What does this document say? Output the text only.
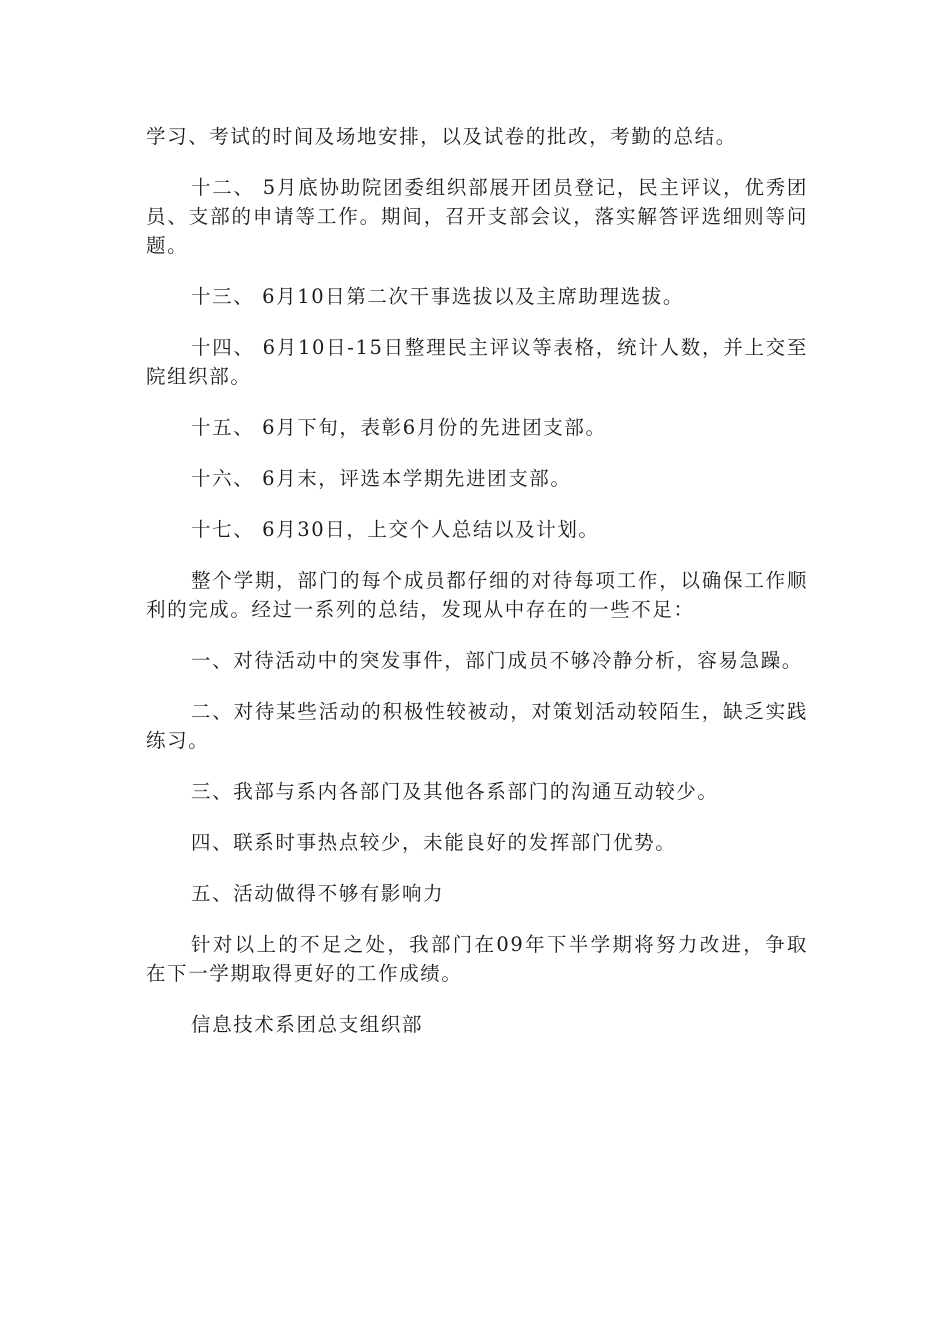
学习、考试的时间及场地安排，以及试卷的批改，考勤的总结。

十二、 5月底协助院团委组织部展开团员登记，民主评议，优秀团员、支部的申请等工作。期间，召开支部会议，落实解答评选细则等问题。

十三、 6月10日第二次干事选拔以及主席助理选拔。

十四、 6月10日-15日整理民主评议等表格，统计人数，并上交至院组织部。

十五、 6月下旬，表彰6月份的先进团支部。

十六、 6月末，评选本学期先进团支部。

十七、 6月30日，上交个人总结以及计划。

整个学期，部门的每个成员都仔细的对待每项工作，以确保工作顺利的完成。经过一系列的总结，发现从中存在的一些不足：

一、对待活动中的突发事件，部门成员不够冷静分析，容易急躁。

二、对待某些活动的积极性较被动，对策划活动较陌生，缺乏实践练习。

三、我部与系内各部门及其他各系部门的沟通互动较少。

四、联系时事热点较少，未能良好的发挥部门优势。

五、活动做得不够有影响力

针对以上的不足之处，我部门在09年下半学期将努力改进，争取在下一学期取得更好的工作成绩。

信息技术系团总支组织部
